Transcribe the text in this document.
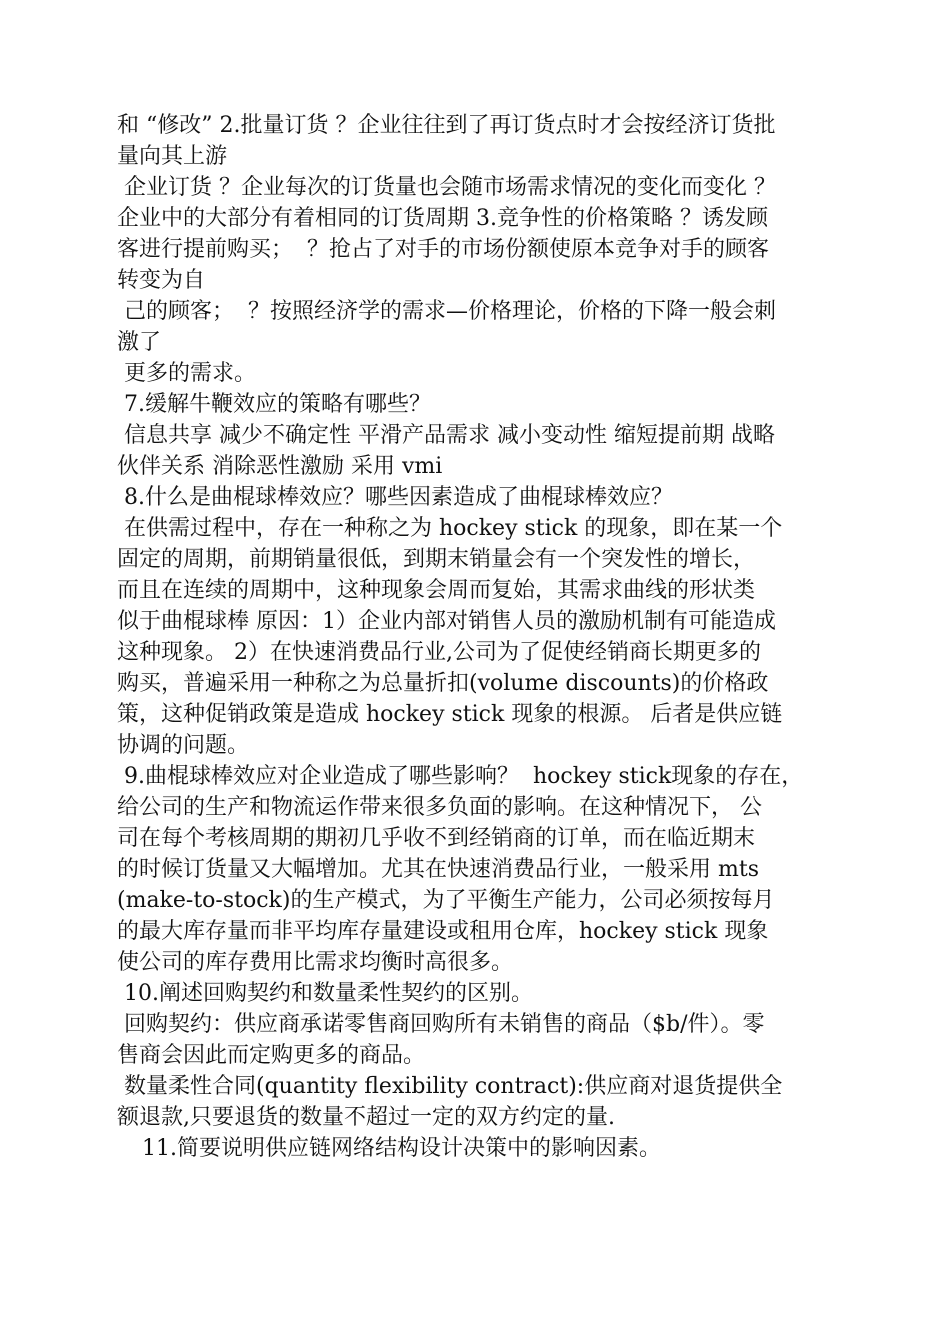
和 “修改” 2.批量订货 ？企业往往到了再订货点时才会按经济订货批
量向其上游
企业订货 ？企业每次的订货量也会随市场需求情况的变化而变化 ？
企业中的大部分有着相同的订货周期 3.竞争性的价格策略 ？诱发顾
客进行提前购买；  ？抢占了对手的市场份额使原本竞争对手的顾客
转变为自
己的顾客；  ？按照经济学的需求—价格理论，价格的下降一般会刺
激了
更多的需求。
7.缓解牛鞭效应的策略有哪些？
信息共享 减少不确定性 平滑产品需求 减小变动性 缩短提前期 战略
伙伴关系 消除恶性激励 采用 vmi
8.什么是曲棍球棒效应？哪些因素造成了曲棍球棒效应？
在供需过程中，存在一种称之为 hockey stick 的现象，即在某一个
固定的周期，前期销量很低，到期末销量会有一个突发性的增长，
而且在连续的周期中，这种现象会周而复始，其需求曲线的形状类
似于曲棍球棒 原因：1）企业内部对销售人员的激励机制有可能造成
这种现象。 2）在快速消费品行业,公司为了促使经销商长期更多的
购买，普遍采用一种称之为总量折扣(volume discounts)的价格政
策，这种促销政策是造成 hockey stick 现象的根源。 后者是供应链
协调的问题。
9.曲棍球棒效应对企业造成了哪些影响？  hockey stick现象的存在，
给公司的生产和物流运作带来很多负面的影响。在这种情况下， 公
司在每个考核周期的期初几乎收不到经销商的订单，而在临近期末
的时候订货量又大幅增加。尤其在快速消费品行业，一般采用 mts
(make-to-stock)的生产模式，为了平衡生产能力，公司必须按每月
的最大库存量而非平均库存量建设或租用仓库，hockey stick 现象
使公司的库存费用比需求均衡时高很多。
10.阐述回购契约和数量柔性契约的区别。
回购契约：供应商承诺零售商回购所有未销售的商品（$b/件）。零
售商会因此而定购更多的商品。
数量柔性合同(quantity flexibility contract):供应商对退货提供全
额退款,只要退货的数量不超过一定的双方约定的量.
11.简要说明供应链网络结构设计决策中的影响因素。
